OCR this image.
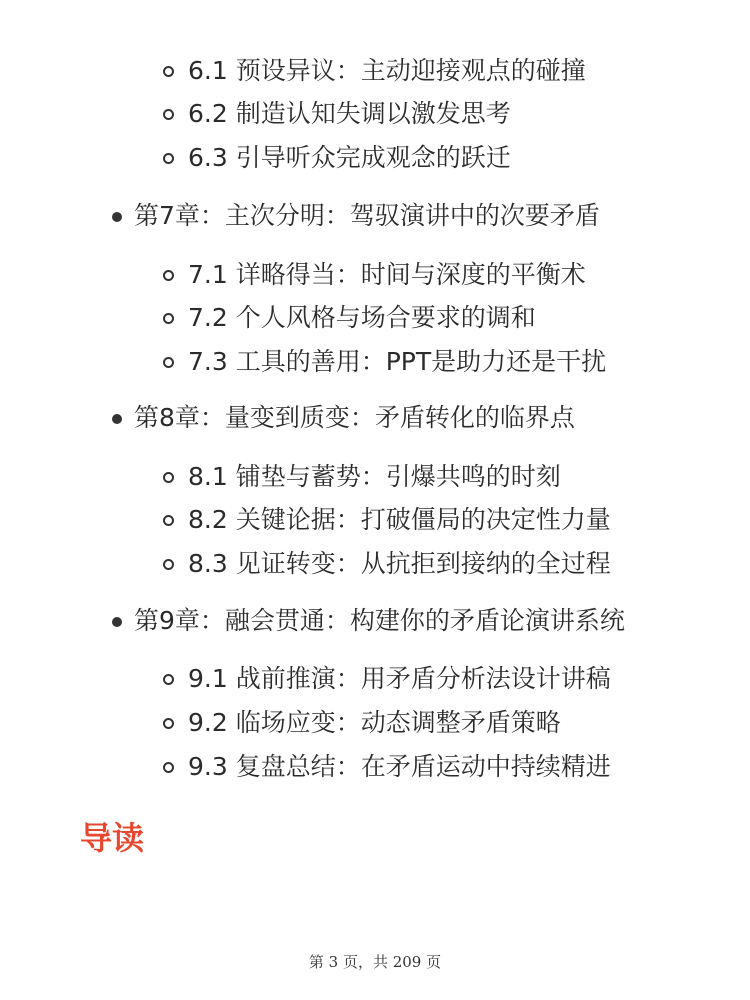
6.1 预设异议：主动迎接观点的碰撞
6.2 制造认知失调以激发思考
6.3 引导听众完成观念的跃迁
第7章：主次分明：驾驭演讲中的次要矛盾
7.1 详略得当：时间与深度的平衡术
7.2 个人风格与场合要求的调和
7.3 工具的善用：PPT是助力还是干扰
第8章：量变到质变：矛盾转化的临界点
8.1 铺垫与蓄势：引爆共鸣的时刻
8.2 关键论据：打破僵局的决定性力量
8.3 见证转变：从抗拒到接纳的全过程
第9章：融会贯通：构建你的矛盾论演讲系统
9.1 战前推演：用矛盾分析法设计讲稿
9.2 临场应变：动态调整矛盾策略
9.3 复盘总结：在矛盾运动中持续精进
导读
第 3 页，共 209 页
